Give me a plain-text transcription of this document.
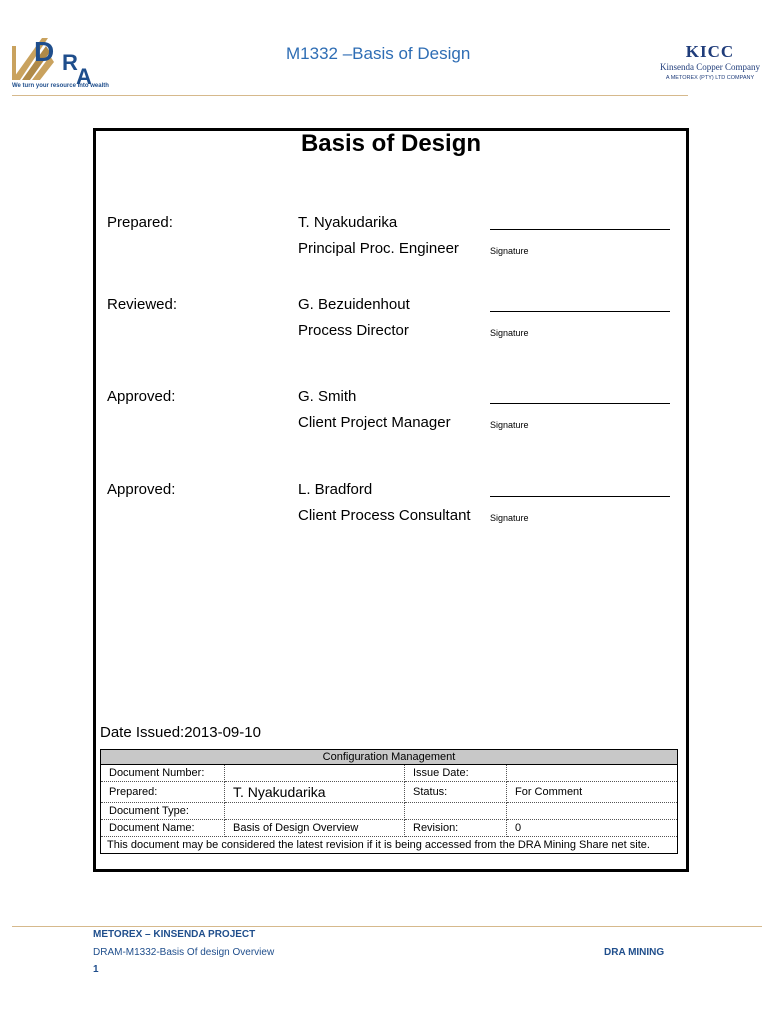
D R
A
We turn your resource into wealth
M1332 –Basis of Design	KICC
Kinsenda Copper Company
A METOREX (PTY) LTD COMPANY
Basis of Design
Prepared:	T. Nyakudarika
Principal Proc. Engineer	Signature
Reviewed:	G. Bezuidenhout
Process Director	Signature
Approved:	G. Smith
Client Project Manager	Signature
Approved:	L. Bradford
Client Process Consultant Signature
Date Issued:2013-09-10
Configuration Management			
Document Number:		Issue Date:	
Prepared:	T. Nyakudarika	Status:	For Comment
Document Type:			
Document Name:	Basis of Design Overview	Revision:	0
This document may be considered the latest revision if it is being accessed from the DRA Mining Share net site.			
METOREX – KINSENDA PROJECT
DRAM-M1332-Basis Of design Overview	DRA MINING
1
